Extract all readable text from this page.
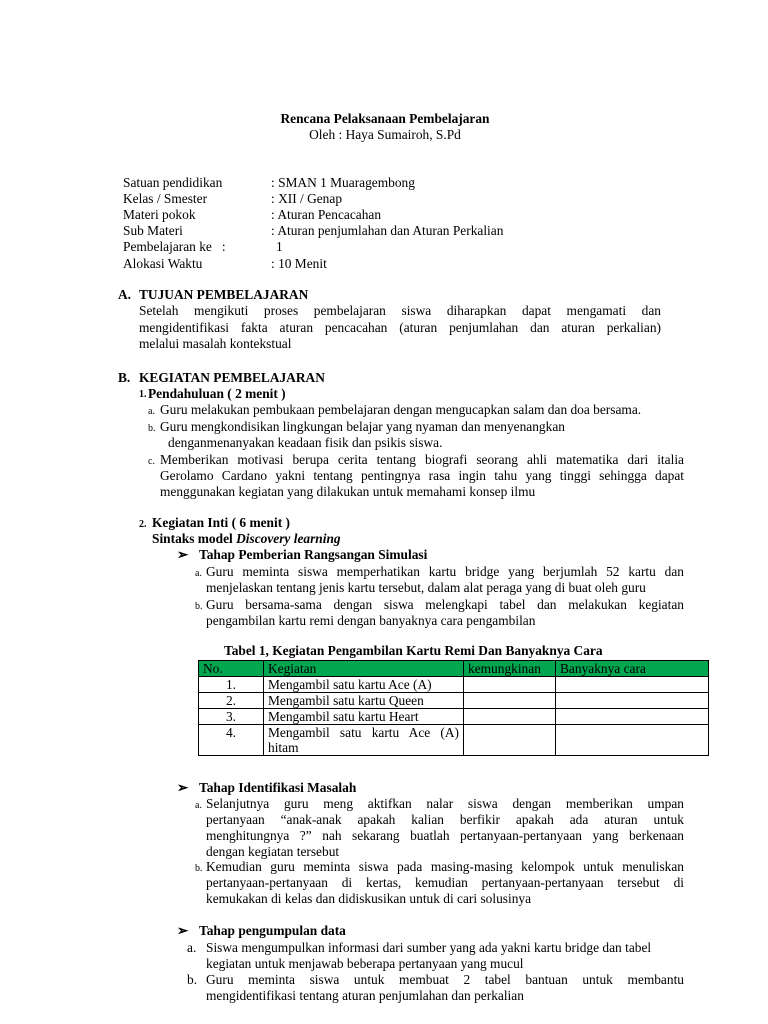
Rencana Pelaksanaan Pembelajaran
Oleh : Haya Sumairoh, S.Pd
Satuan pendidikan	: SMAN 1 Muaragembong
Kelas / Smester	: XII / Genap
Materi pokok	: Aturan Pencacahan
Sub Materi	: Aturan penjumlahan dan Aturan Perkalian
Pembelajaran ke   :	1
Alokasi Waktu	: 10 Menit
A. TUJUAN PEMBELAJARAN
Setelah mengikuti proses pembelajaran siswa diharapkan dapat mengamati dan
mengidentifikasi fakta aturan pencacahan (aturan penjumlahan dan aturan perkalian)
melalui masalah kontekstual
B. KEGIATAN PEMBELAJARAN
1. Pendahuluan ( 2 menit )
a. Guru melakukan pembukaan pembelajaran dengan mengucapkan salam dan doa bersama.
b. Guru mengkondisikan lingkungan belajar yang nyaman dan menyenangkan
denganmenanyakan keadaan fisik dan psikis siswa.
c. Memberikan motivasi berupa cerita tentang biografi seorang ahli matematika dari italia
Gerolamo Cardano yakni tentang pentingnya rasa ingin tahu yang tinggi sehingga dapat
menggunakan kegiatan yang dilakukan untuk memahami konsep ilmu
2. Kegiatan Inti ( 6 menit )
Sintaks model Discovery learning
➢ Tahap Pemberian Rangsangan Simulasi
a. Guru meminta siswa memperhatikan kartu bridge yang berjumlah 52 kartu dan
menjelaskan tentang jenis kartu tersebut, dalam alat peraga yang di buat oleh guru
b. Guru bersama-sama dengan siswa melengkapi tabel dan melakukan kegiatan
pengambilan kartu remi dengan banyaknya cara pengambilan
Tabel 1, Kegiatan Pengambilan Kartu Remi Dan Banyaknya Cara
No.	Kegiatan	kemungkinan	Banyaknya cara
1.	Mengambil satu kartu Ace (A)		
2.	Mengambil satu kartu Queen		
3.	Mengambil satu kartu Heart		
4.	Mengambil satu kartu Ace (A)
hitam		

➢ Tahap Identifikasi Masalah
a. Selanjutnya guru meng aktifkan nalar siswa dengan memberikan umpan
pertanyaan “anak-anak apakah kalian berfikir apakah ada aturan untuk
menghitungnya ?” nah sekarang buatlah pertanyaan-pertanyaan yang berkenaan
dengan kegiatan tersebut
b. Kemudian guru meminta siswa pada masing-masing kelompok untuk menuliskan
pertanyaan-pertanyaan di kertas, kemudian pertanyaan-pertanyaan tersebut di
kemukakan di kelas dan didiskusikan untuk di cari solusinya
➢ Tahap pengumpulan data
a. Siswa mengumpulkan informasi dari sumber yang ada yakni kartu bridge dan tabel
kegiatan untuk menjawab beberapa pertanyaan yang mucul
b. Guru meminta siswa untuk membuat 2 tabel bantuan untuk membantu
mengidentifikasi tentang aturan penjumlahan dan perkalian
